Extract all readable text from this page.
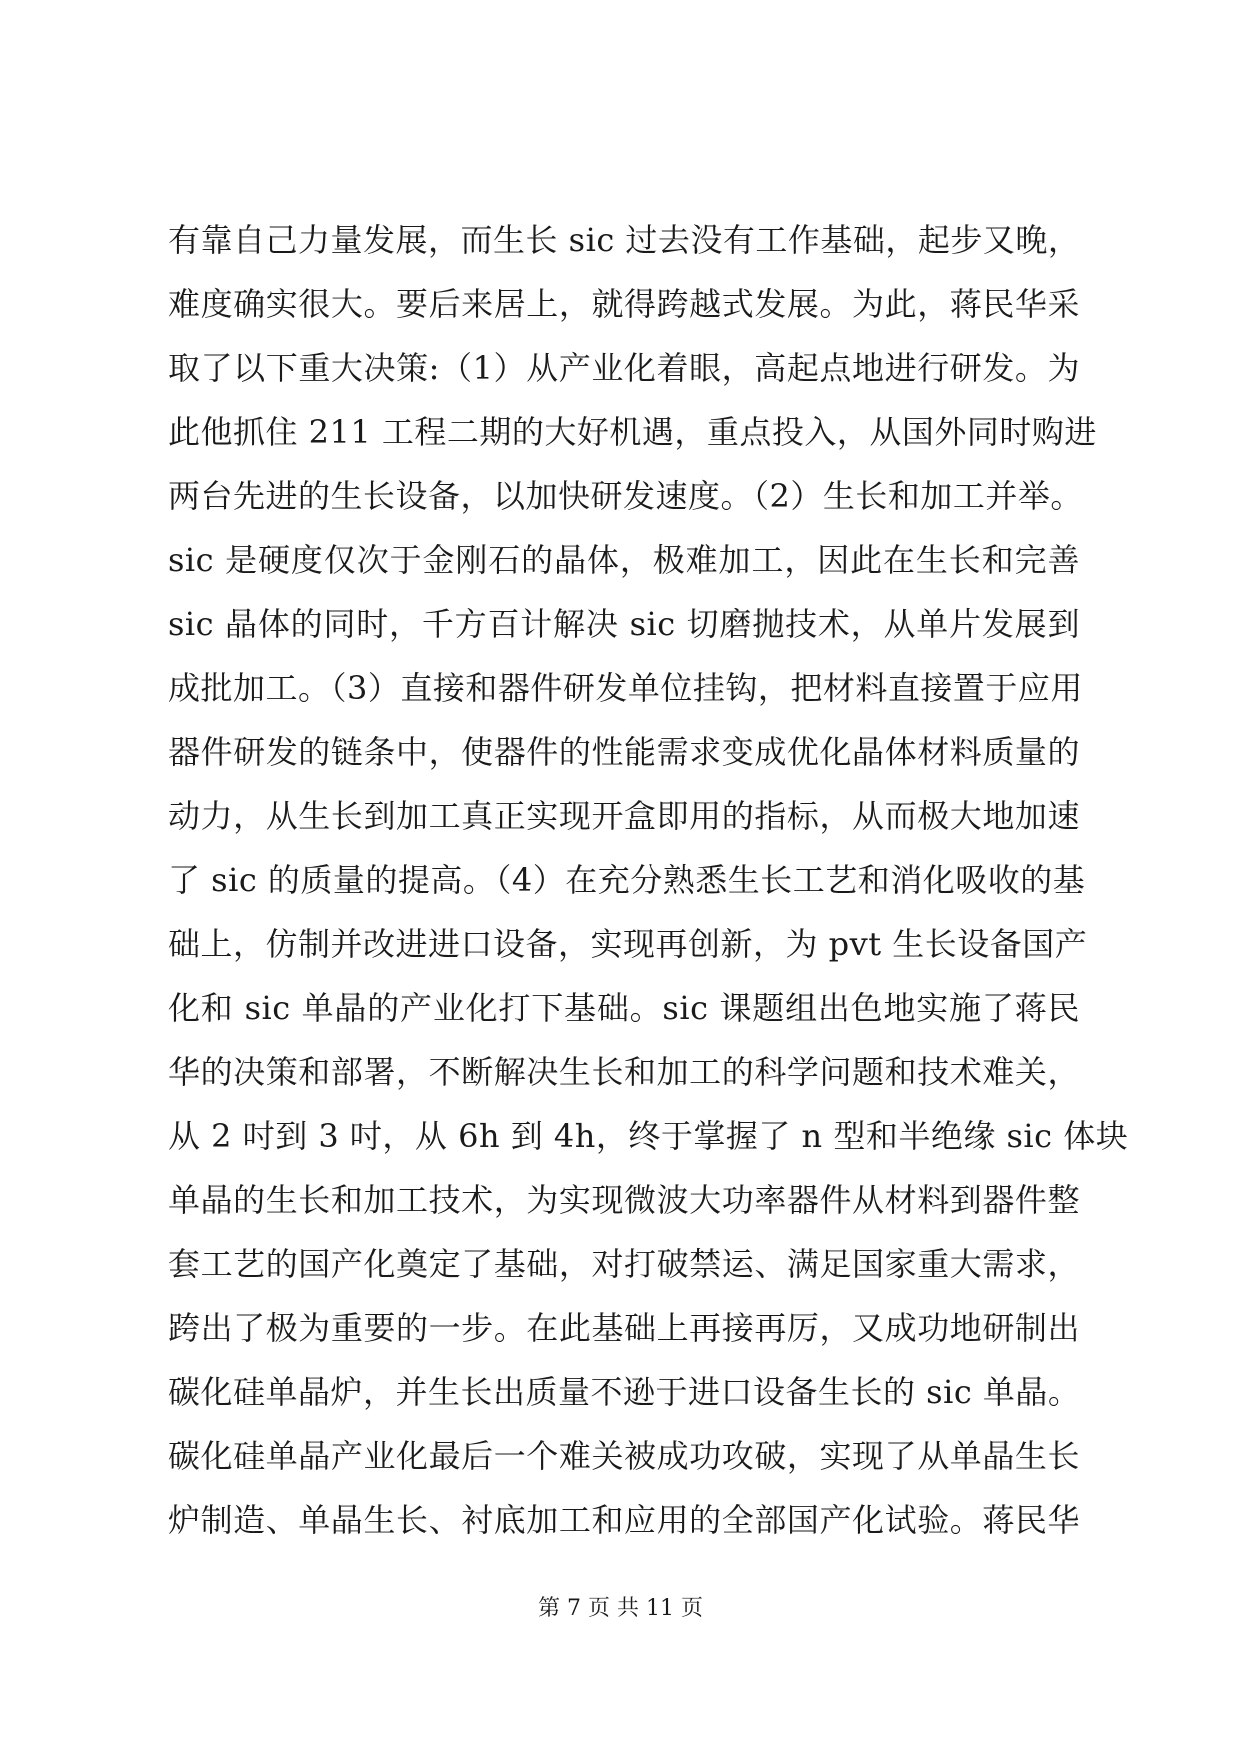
有靠自己力量发展，而生长 sic 过去没有工作基础，起步又晚，
难度确实很大。要后来居上，就得跨越式发展。为此，蒋民华采
取了以下重大决策:（1）从产业化着眼，高起点地进行研发。为
此他抓住 211 工程二期的大好机遇，重点投入，从国外同时购进
两台先进的生长设备，以加快研发速度。（2）生长和加工并举。
sic 是硬度仅次于金刚石的晶体，极难加工，因此在生长和完善
sic 晶体的同时，千方百计解决 sic 切磨抛技术，从单片发展到
成批加工。（3）直接和器件研发单位挂钩，把材料直接置于应用
器件研发的链条中，使器件的性能需求变成优化晶体材料质量的
动力，从生长到加工真正实现开盒即用的指标，从而极大地加速
了 sic 的质量的提高。（4）在充分熟悉生长工艺和消化吸收的基
础上，仿制并改进进口设备，实现再创新，为 pvt 生长设备国产
化和 sic 单晶的产业化打下基础。sic 课题组出色地实施了蒋民
华的决策和部署，不断解决生长和加工的科学问题和技术难关，
从 2 吋到 3 吋，从 6h 到 4h，终于掌握了 n 型和半绝缘 sic 体块
单晶的生长和加工技术，为实现微波大功率器件从材料到器件整
套工艺的国产化奠定了基础，对打破禁运、满足国家重大需求，
跨出了极为重要的一步。在此基础上再接再厉，又成功地研制出
碳化硅单晶炉，并生长出质量不逊于进口设备生长的 sic 单晶。
碳化硅单晶产业化最后一个难关被成功攻破，实现了从单晶生长
炉制造、单晶生长、衬底加工和应用的全部国产化试验。蒋民华
第 7 页 共 11 页
